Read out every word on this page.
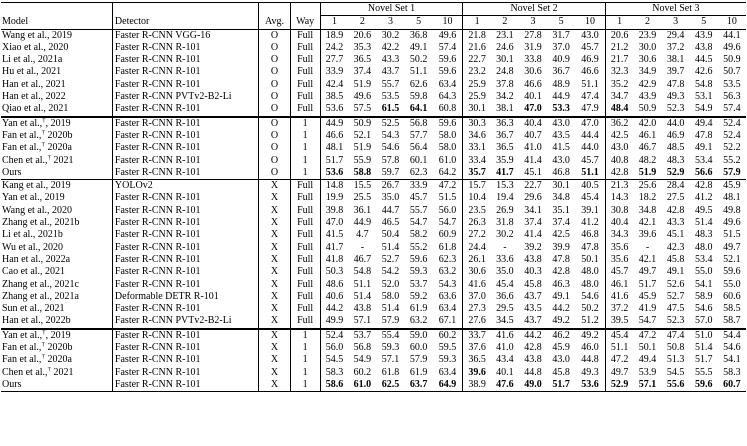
				Novel Set 1					Novel Set 2					Novel Set 3				
Model	Detector	Avg.	Way	1	2	3	5	10	1	2	3	5	10	1	2	3	5	10
Wang et al., 2019	Faster R-CNN VGG-16	O	Full	18.9	20.6	30.2	36.8	49.6	21.8	23.1	27.8	31.7	43.0	20.6	23.9	29.4	43.9	44.1
Xiao et al., 2020	Faster R-CNN R-101	O	Full	24.2	35.3	42.2	49.1	57.4	21.6	24.6	31.9	37.0	45.7	21.2	30.0	37.2	43.8	49.6
Li et al., 2021a	Faster R-CNN R-101	O	Full	27.7	36.5	43.3	50.2	59.6	22.7	30.1	33.8	40.9	46.9	21.7	30.6	38.1	44.5	50.9
Hu et al., 2021	Faster R-CNN R-101	O	Full	33.9	37.4	43.7	51.1	59.6	23.2	24.8	30.6	36.7	46.6	32.3	34.9	39.7	42.6	50.7
Han et al., 2021	Faster R-CNN R-101	O	Full	42.4	51.9	55.7	62.6	63.4	25.9	37.8	46.6	48.9	51.1	35.2	42.9	47.8	54.8	53.5
Han et al., 2022	Faster R-CNN PVTv2-B2-Li	O	Full	38.5	49.6	53.5	59.8	64.3	25.9	34.2	40.1	44.9	47.4	34.7	43.9	49.3	53.1	56.3
Qiao et al., 2021	Faster R-CNN R-101	O	Full	53.6	57.5	61.5	64.1	60.8	30.1	38.1	47.0	53.3	47.9	48.4	50.9	52.3	54.9	57.4
Yan et al.,†, 2019	Faster R-CNN R-101	O	1	44.9	50.9	52.5	56.8	59.6	30.3	36.3	40.4	43.0	47.0	36.2	42.0	44.0	49.4	52.4
Fan et al.,† 2020b	Faster R-CNN R-101	O	1	46.6	52.1	54.3	57.7	58.0	34.6	36.7	40.7	43.5	44.4	42.5	46.1	46.9	47.8	52.4
Fan et al.,† 2020a	Faster R-CNN R-101	O	1	48.1	51.9	54.6	56.4	58.0	33.1	36.5	41.0	41.5	44.0	43.0	46.7	48.5	49.1	52.2
Chen et al.,† 2021	Faster R-CNN R-101	O	1	51.7	55.9	57.8	60.1	61.0	33.4	35.9	41.4	43.0	45.7	40.8	48.2	48.3	53.4	55.2
Ours	Faster R-CNN R-101	O	1	53.6	58.8	59.7	62.3	64.2	35.7	41.7	45.1	46.8	51.1	42.8	51.9	52.9	56.6	57.9
Kang et al., 2019	YOLOv2	X	Full	14.8	15.5	26.7	33.9	47.2	15.7	15.3	22.7	30.1	40.5	21.3	25.6	28.4	42.8	45.9
Yan et al., 2019	Faster R-CNN R-101	X	Full	19.9	25.5	35.0	45.7	51.5	10.4	19.4	29.6	34.8	45.4	14.3	18.2	27.5	41.2	48.1
Wang et al., 2020	Faster R-CNN R-101	X	Full	39.8	36.1	44.7	55.7	56.0	23.5	26.9	34.1	35.1	39.1	30.8	34.8	42.8	49.5	49.8
Zhang et al., 2021b	Faster R-CNN R-101	X	Full	47.0	44.9	46.5	54.7	54.7	26.3	31.8	37.4	37.4	41.2	40.4	42.1	43.3	51.4	49.6
Li et al., 2021b	Faster R-CNN R-101	X	Full	41.5	4.7	50.4	58.2	60.9	27.2	30.2	41.4	42.5	46.8	34.3	39.6	45.1	48.3	51.5
Wu et al., 2020	Faster R-CNN R-101	X	Full	41.7	-	51.4	55.2	61.8	24.4	-	39.2	39.9	47.8	35.6	-	42.3	48.0	49.7
Han et al., 2022a	Faster R-CNN R-101	X	Full	41.8	46.7	52.7	59.6	62.3	26.1	33.6	43.8	47.8	50.1	35.6	42.1	45.8	53.4	52.1
Cao et al., 2021	Faster R-CNN R-101	X	Full	50.3	54.8	54.2	59.3	63.2	30.6	35.0	40.3	42.8	48.0	45.7	49.7	49.1	55.0	59.6
Zhang et al., 2021c	Faster R-CNN R-101	X	Full	48.6	51.1	52.0	53.7	54.3	41.6	45.4	45.8	46.3	48.0	46.1	51.7	52.6	54.1	55.0
Zhang et al., 2021a	Deformable DETR R-101	X	Full	40.6	51.4	58.0	59.2	63.6	37.0	36.6	43.7	49.1	54.6	41.6	45.9	52.7	58.9	60.6
Sun et al., 2021	Faster R-CNN R-101	X	Full	44.2	43.8	51.4	61.9	63.4	27.3	29.5	43.5	44.2	50.2	37.2	41.9	47.5	54.6	58.5
Han et al., 2022b	Faster R-CNN PVTv2-B2-Li	X	Full	49.9	57.1	57.9	63.2	67.1	27.6	34.5	43.7	49.2	51.2	39.5	54.7	52.3	57.0	58.7
Yan et al.,†, 2019	Faster R-CNN R-101	X	1	52.4	53.7	55.4	59.0	60.2	33.7	41.6	44.2	46.2	49.2	45.4	47.2	47.4	51.0	54.4
Fan et al.,† 2020b	Faster R-CNN R-101	X	1	56.0	56.8	59.3	60.0	59.5	37.6	41.0	42.8	45.9	46.0	51.1	50.1	50.8	51.4	54.6
Fan et al.,† 2020a	Faster R-CNN R-101	X	1	54.5	54.9	57.1	57.9	59.3	36.5	43.4	43.8	43.0	44.8	47.2	49.4	51.3	51.7	54.1
Chen et al.,† 2021	Faster R-CNN R-101	X	1	58.3	60.2	61.8	61.9	63.4	39.6	40.1	44.8	45.8	49.3	49.7	53.9	54.5	55.5	58.3
Ours	Faster R-CNN R-101	X	1	58.6	61.0	62.5	63.7	64.9	38.9	47.6	49.0	51.7	53.6	52.9	57.1	55.6	59.6	60.7
